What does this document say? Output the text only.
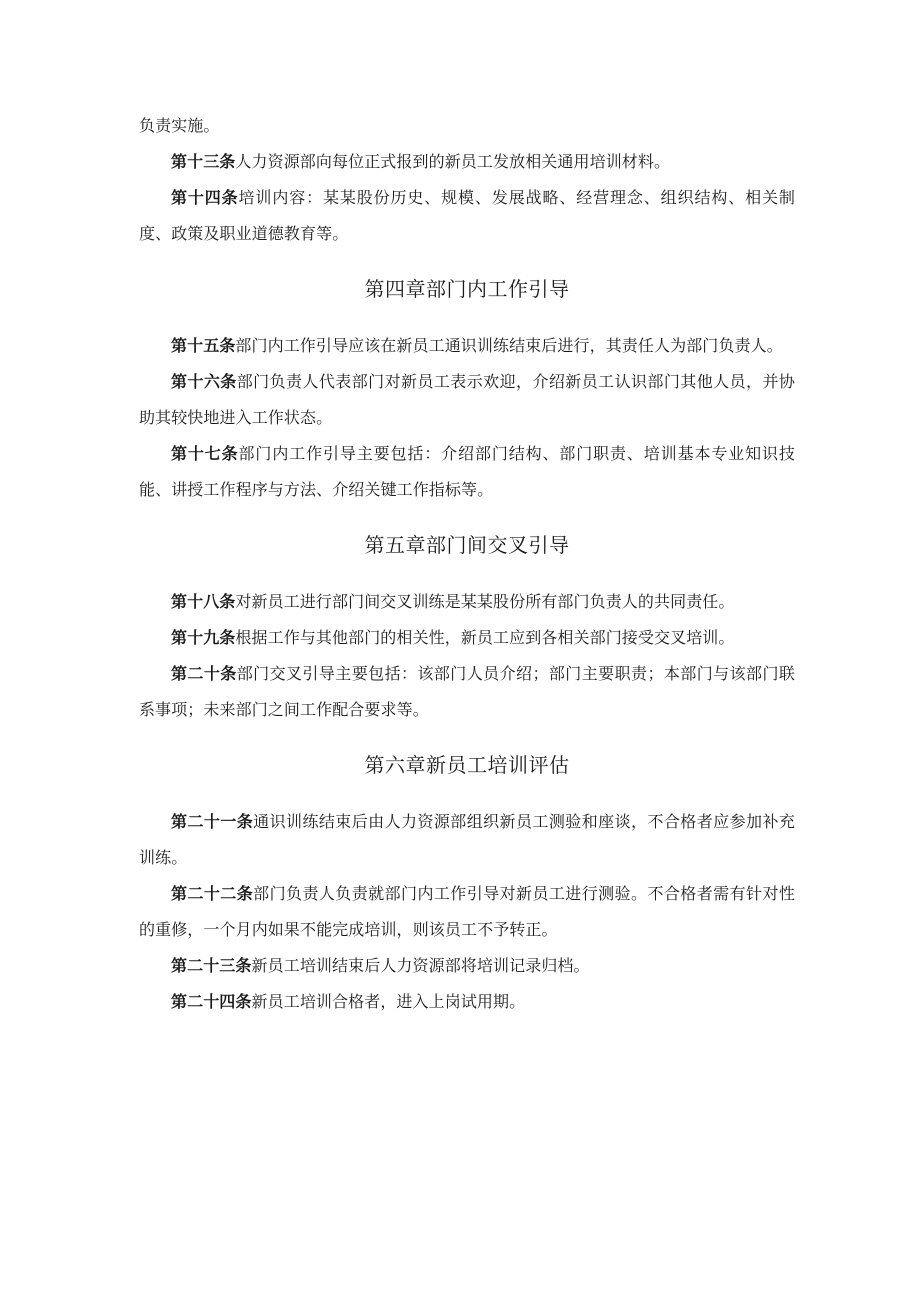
负责实施。

第十三条人力资源部向每位正式报到的新员工发放相关通用培训材料。

第十四条培训内容：某某股份历史、规模、发展战略、经营理念、组织结构、相关制度、政策及职业道德教育等。

第四章部门内工作引导

第十五条部门内工作引导应该在新员工通识训练结束后进行，其责任人为部门负责人。

第十六条部门负责人代表部门对新员工表示欢迎，介绍新员工认识部门其他人员，并协助其较快地进入工作状态。

第十七条部门内工作引导主要包括：介绍部门结构、部门职责、培训基本专业知识技能、讲授工作程序与方法、介绍关键工作指标等。

第五章部门间交叉引导

第十八条对新员工进行部门间交叉训练是某某股份所有部门负责人的共同责任。

第十九条根据工作与其他部门的相关性，新员工应到各相关部门接受交叉培训。

第二十条部门交叉引导主要包括：该部门人员介绍；部门主要职责；本部门与该部门联系事项；未来部门之间工作配合要求等。

第六章新员工培训评估

第二十一条通识训练结束后由人力资源部组织新员工测验和座谈，不合格者应参加补充训练。

第二十二条部门负责人负责就部门内工作引导对新员工进行测验。不合格者需有针对性的重修，一个月内如果不能完成培训，则该员工不予转正。

第二十三条新员工培训结束后人力资源部将培训记录归档。

第二十四条新员工培训合格者，进入上岗试用期。
